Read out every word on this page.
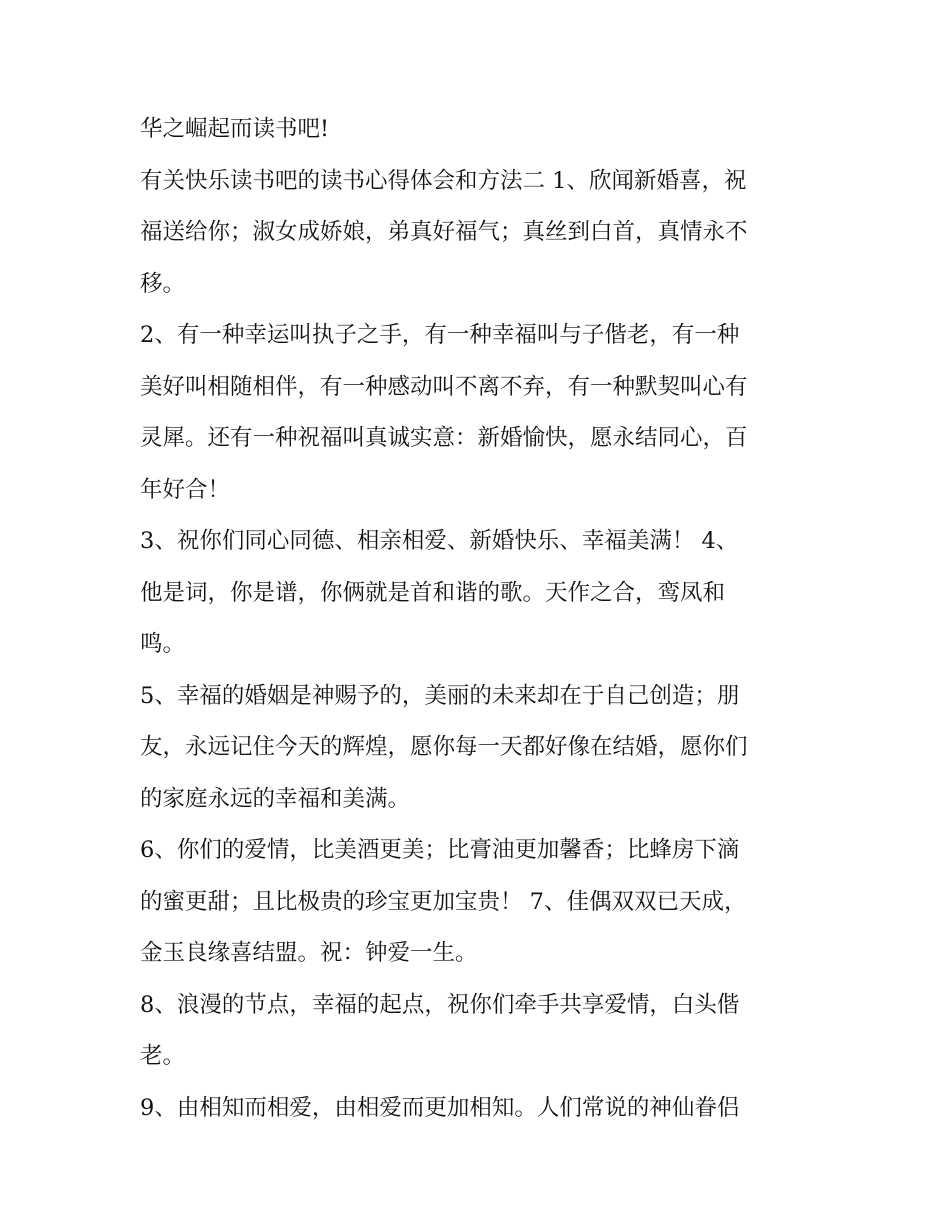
华之崛起而读书吧!
有关快乐读书吧的读书心得体会和方法二 1、欣闻新婚喜，祝
福送给你；淑女成娇娘，弟真好福气；真丝到白首，真情永不
移。
2、有一种幸运叫执子之手，有一种幸福叫与子偕老，有一种
美好叫相随相伴，有一种感动叫不离不弃，有一种默契叫心有
灵犀。还有一种祝福叫真诚实意：新婚愉快，愿永结同心，百
年好合！
3、祝你们同心同德、相亲相爱、新婚快乐、幸福美满！ 4、
他是词，你是谱，你俩就是首和谐的歌。天作之合，鸾凤和
鸣。
5、幸福的婚姻是神赐予的，美丽的未来却在于自己创造；朋
友，永远记住今天的辉煌，愿你每一天都好像在结婚，愿你们
的家庭永远的幸福和美满。
6、你们的爱情，比美酒更美；比膏油更加馨香；比蜂房下滴
的蜜更甜；且比极贵的珍宝更加宝贵！ 7、佳偶双双已天成，
金玉良缘喜结盟。祝：钟爱一生。
8、浪漫的节点，幸福的起点，祝你们牵手共享爱情，白头偕
老。
9、由相知而相爱，由相爱而更加相知。人们常说的神仙眷侣
